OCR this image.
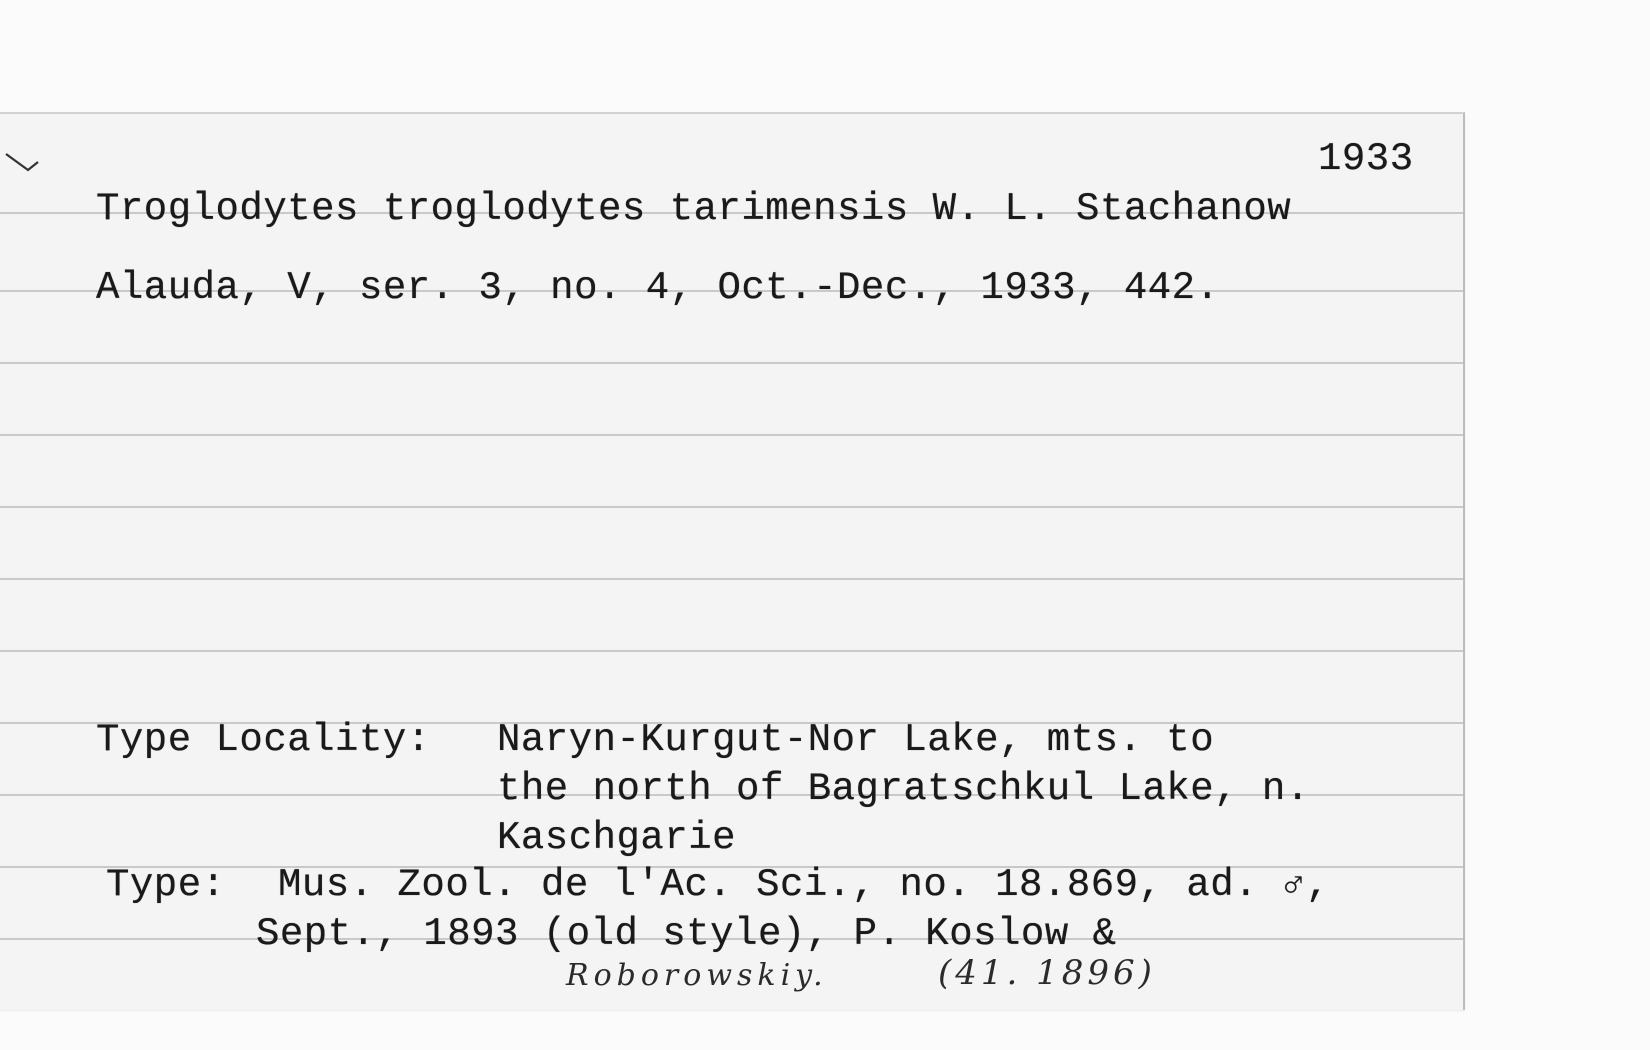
1933
Troglodytes troglodytes tarimensis W. L. Stachanow
Alauda, V, ser. 3, no. 4, Oct.-Dec., 1933, 442.
Type Locality: Naryn-Kurgut-Nor Lake, mts. to
the north of Bagratschkul Lake, n.
Kaschgarie
Type: Mus. Zool. de l'Ac. Sci., no. 18.869, ad. ♂,
Sept., 1893 (old style), P. Koslow &
Roborowskiy.	(41. 1896)
